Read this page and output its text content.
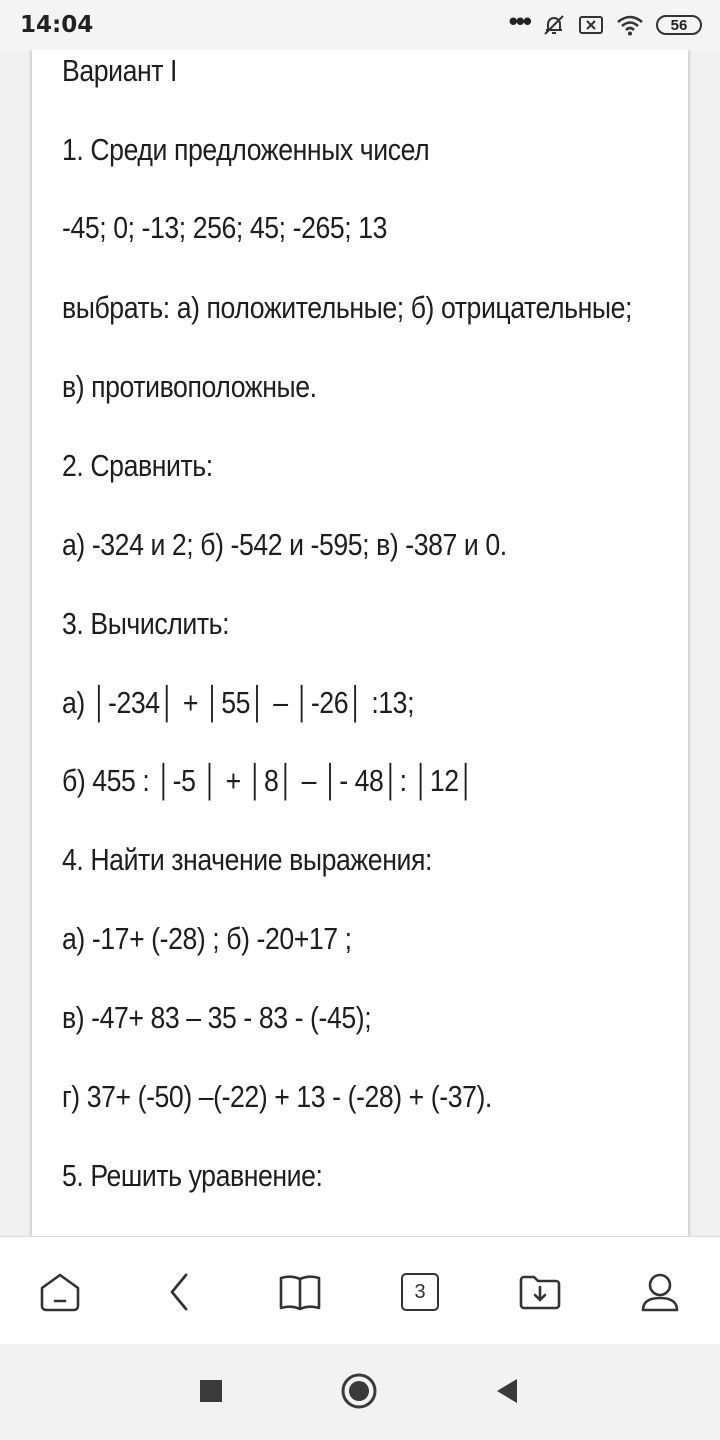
14:04	•••	56
Вариант I
1. Среди предложенных чисел
-45; 0; -13; 256; 45; -265; 13
выбрать: а) положительные; б) отрицательные;
в) противоположные.
2. Сравнить:
а) -324 и 2; б) -542 и -595; в) -387 и 0.
3. Вычислить:
а) │-234│ + │55│ – │-26│ :13;
б) 455 : │-5 │ + │8│ – │- 48│: │12│
4. Найти значение выражения:
а) -17+ (-28) ; б) -20+17 ;
в) -47+ 83 – 35 - 83 - (-45);
г) 37+ (-50) –(-22) + 13 - (-28) + (-37).
5. Решить уравнение:
3
